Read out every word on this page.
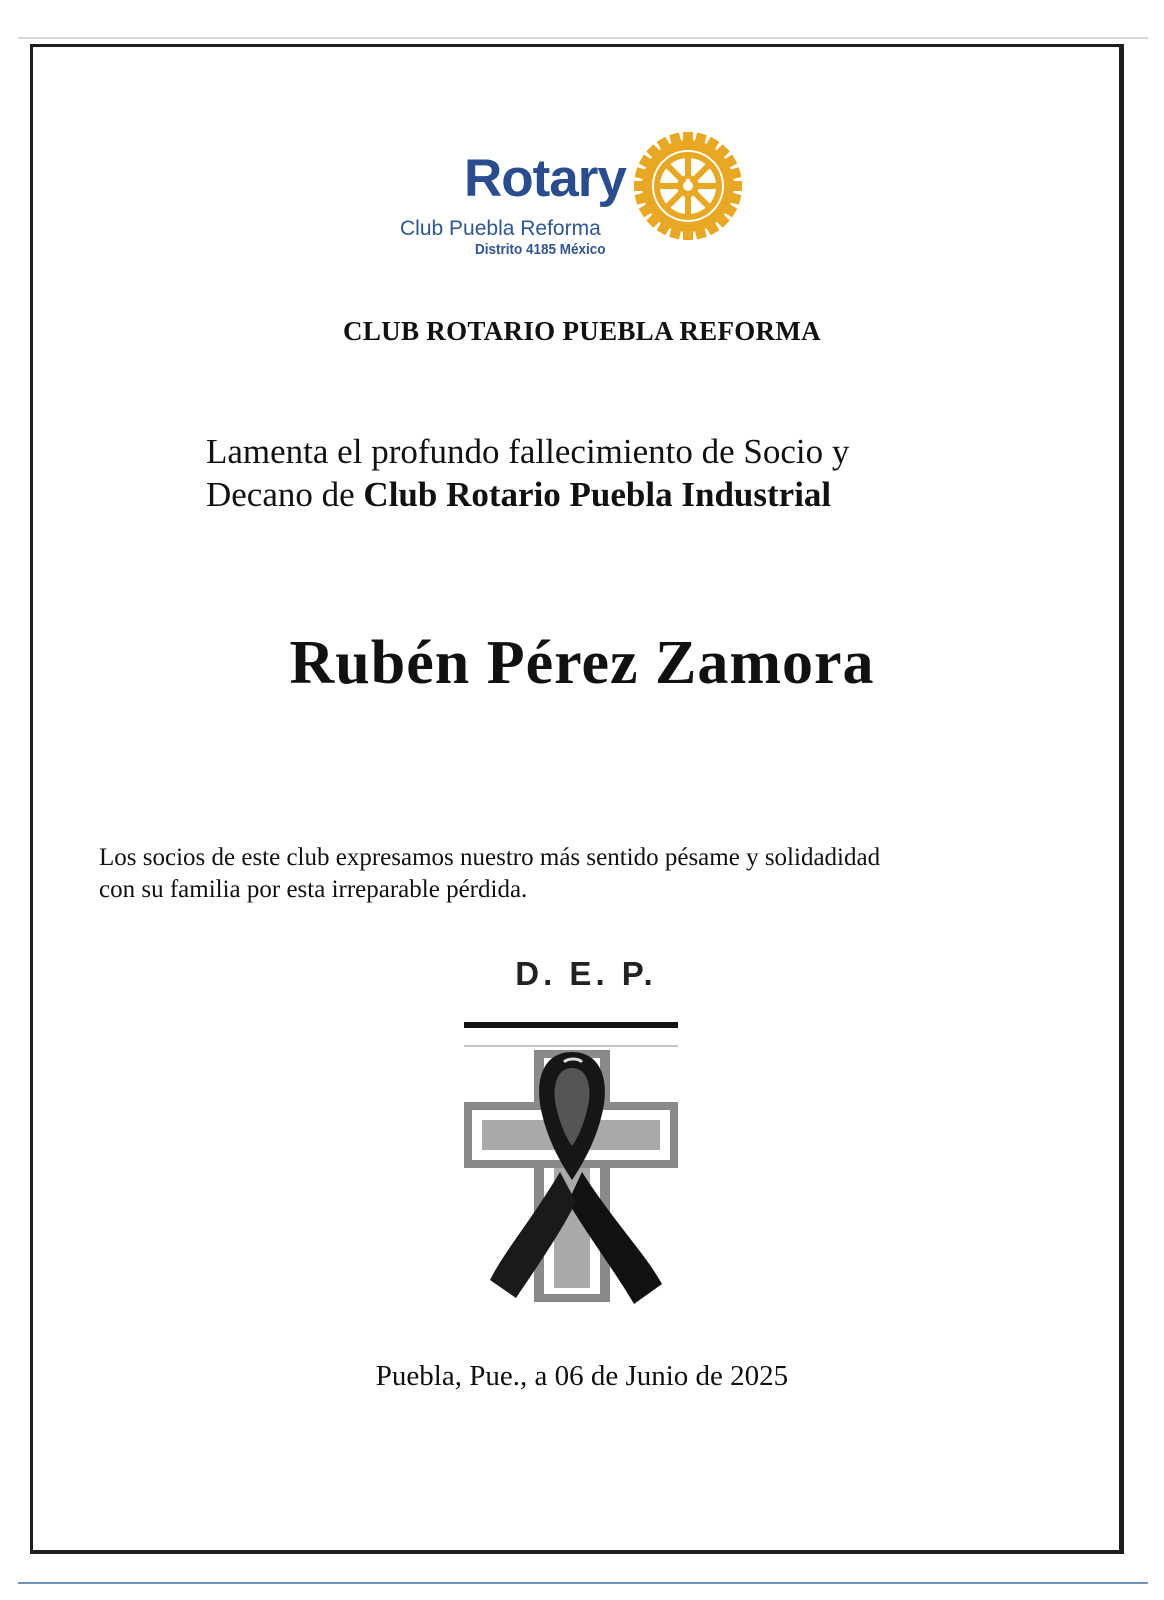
Rotary
Club Puebla Reforma
Distrito 4185 México
CLUB ROTARIO PUEBLA REFORMA
Lamenta el profundo fallecimiento de Socio y
Decano de Club Rotario Puebla Industrial
Rubén Pérez Zamora
Los socios de este club expresamos nuestro más sentido pésame y solidadidad
con su familia por esta irreparable pérdida.
D. E. P.
Puebla, Pue., a 06 de Junio de 2025
